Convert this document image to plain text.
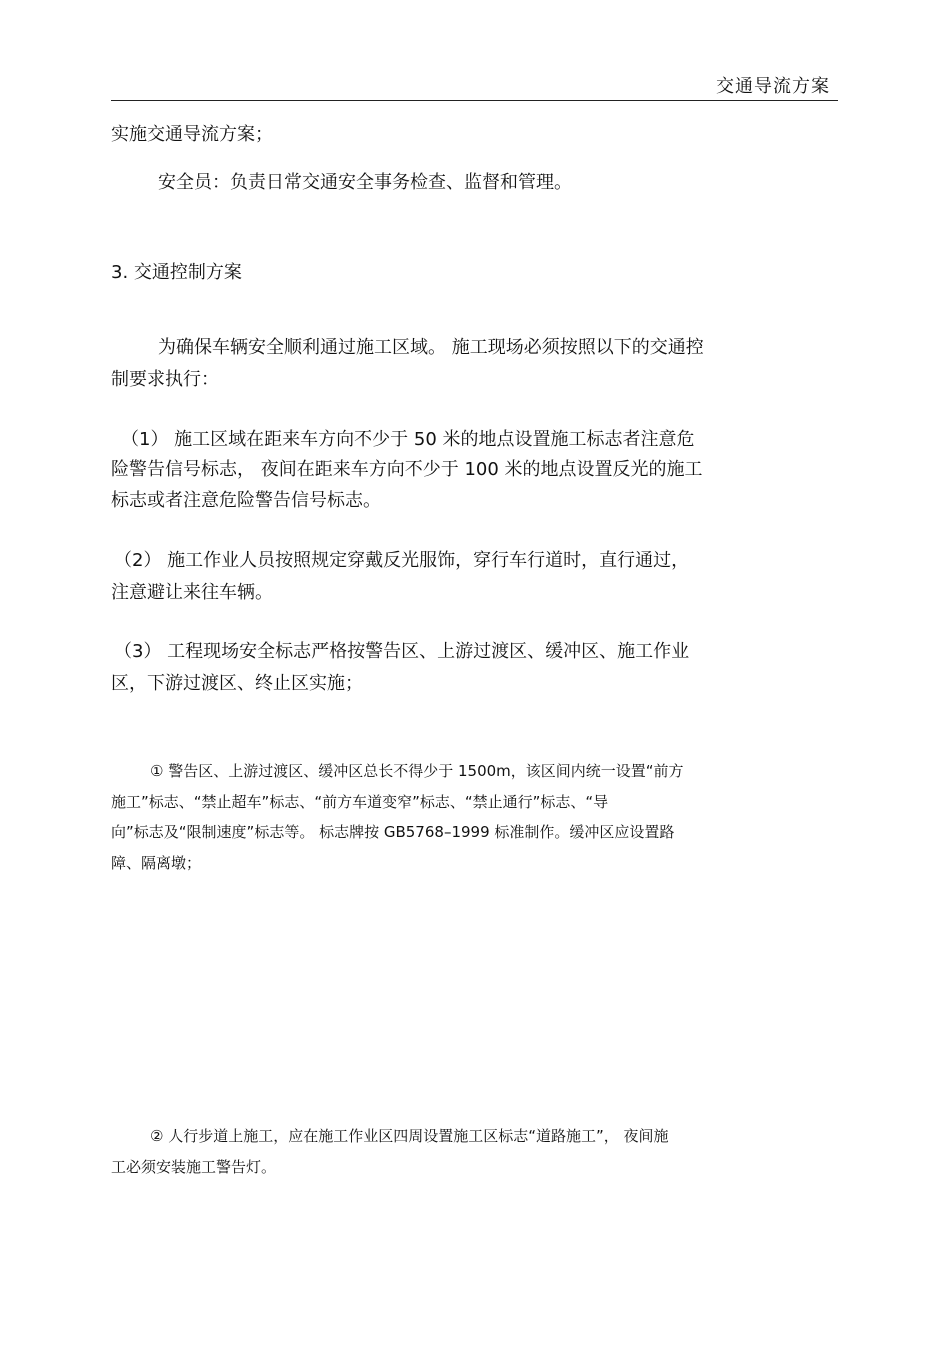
交通导流方案
实施交通导流方案；
安全员：负责日常交通安全事务检查、监督和管理。
3. 交通控制方案
为确保车辆安全顺利通过施工区域。 施工现场必须按照以下的交通控
制要求执行：
（1） 施工区域在距来车方向不少于 50 米的地点设置施工标志者注意危
险警告信号标志， 夜间在距来车方向不少于 100 米的地点设置反光的施工
标志或者注意危险警告信号标志。
（2） 施工作业人员按照规定穿戴反光服饰，穿行车行道时，直行通过，
注意避让来往车辆。
（3） 工程现场安全标志严格按警告区、上游过渡区、缓冲区、施工作业
区，下游过渡区、终止区实施；
① 警告区、上游过渡区、缓冲区总长不得少于 1500m，该区间内统一设置“前方
施工”标志、“禁止超车”标志、“前方车道变窄”标志、“禁止通行”标志、“导
向”标志及“限制速度”标志等。 标志牌按 GB5768–1999 标准制作。缓冲区应设置路
障、隔离墩；
② 人行步道上施工，应在施工作业区四周设置施工区标志“道路施工”， 夜间施
工必须安装施工警告灯。
